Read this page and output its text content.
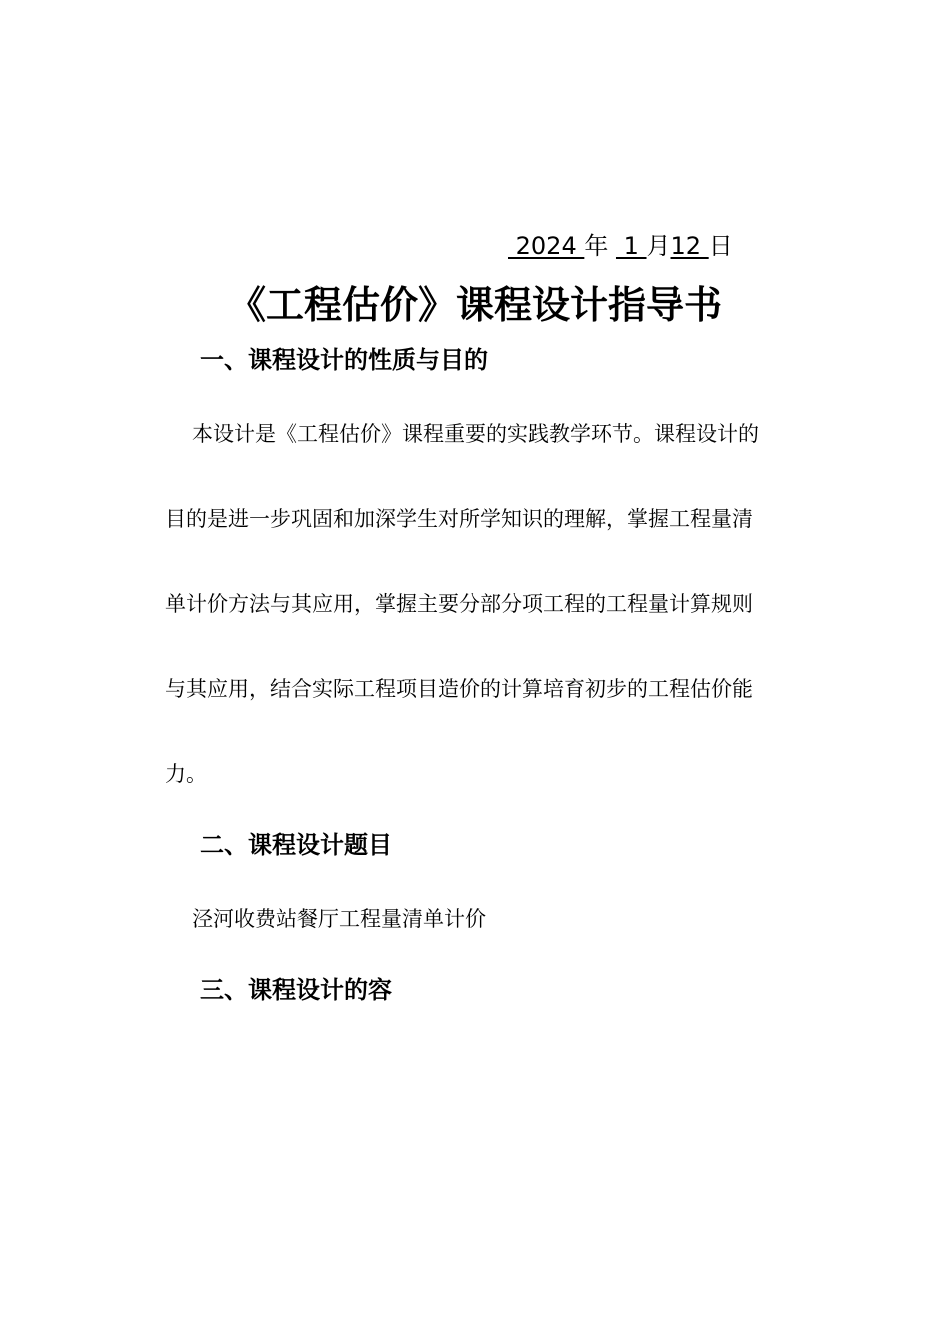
2024 年  1 月12 日
《工程估价》课程设计指导书
一、课程设计的性质与目的
本设计是《工程估价》课程重要的实践教学环节。课程设计的
目的是进一步巩固和加深学生对所学知识的理解，掌握工程量清
单计价方法与其应用，掌握主要分部分项工程的工程量计算规则
与其应用，结合实际工程项目造价的计算培育初步的工程估价能
力。
二、课程设计题目
泾河收费站餐厅工程量清单计价
三、课程设计的容
